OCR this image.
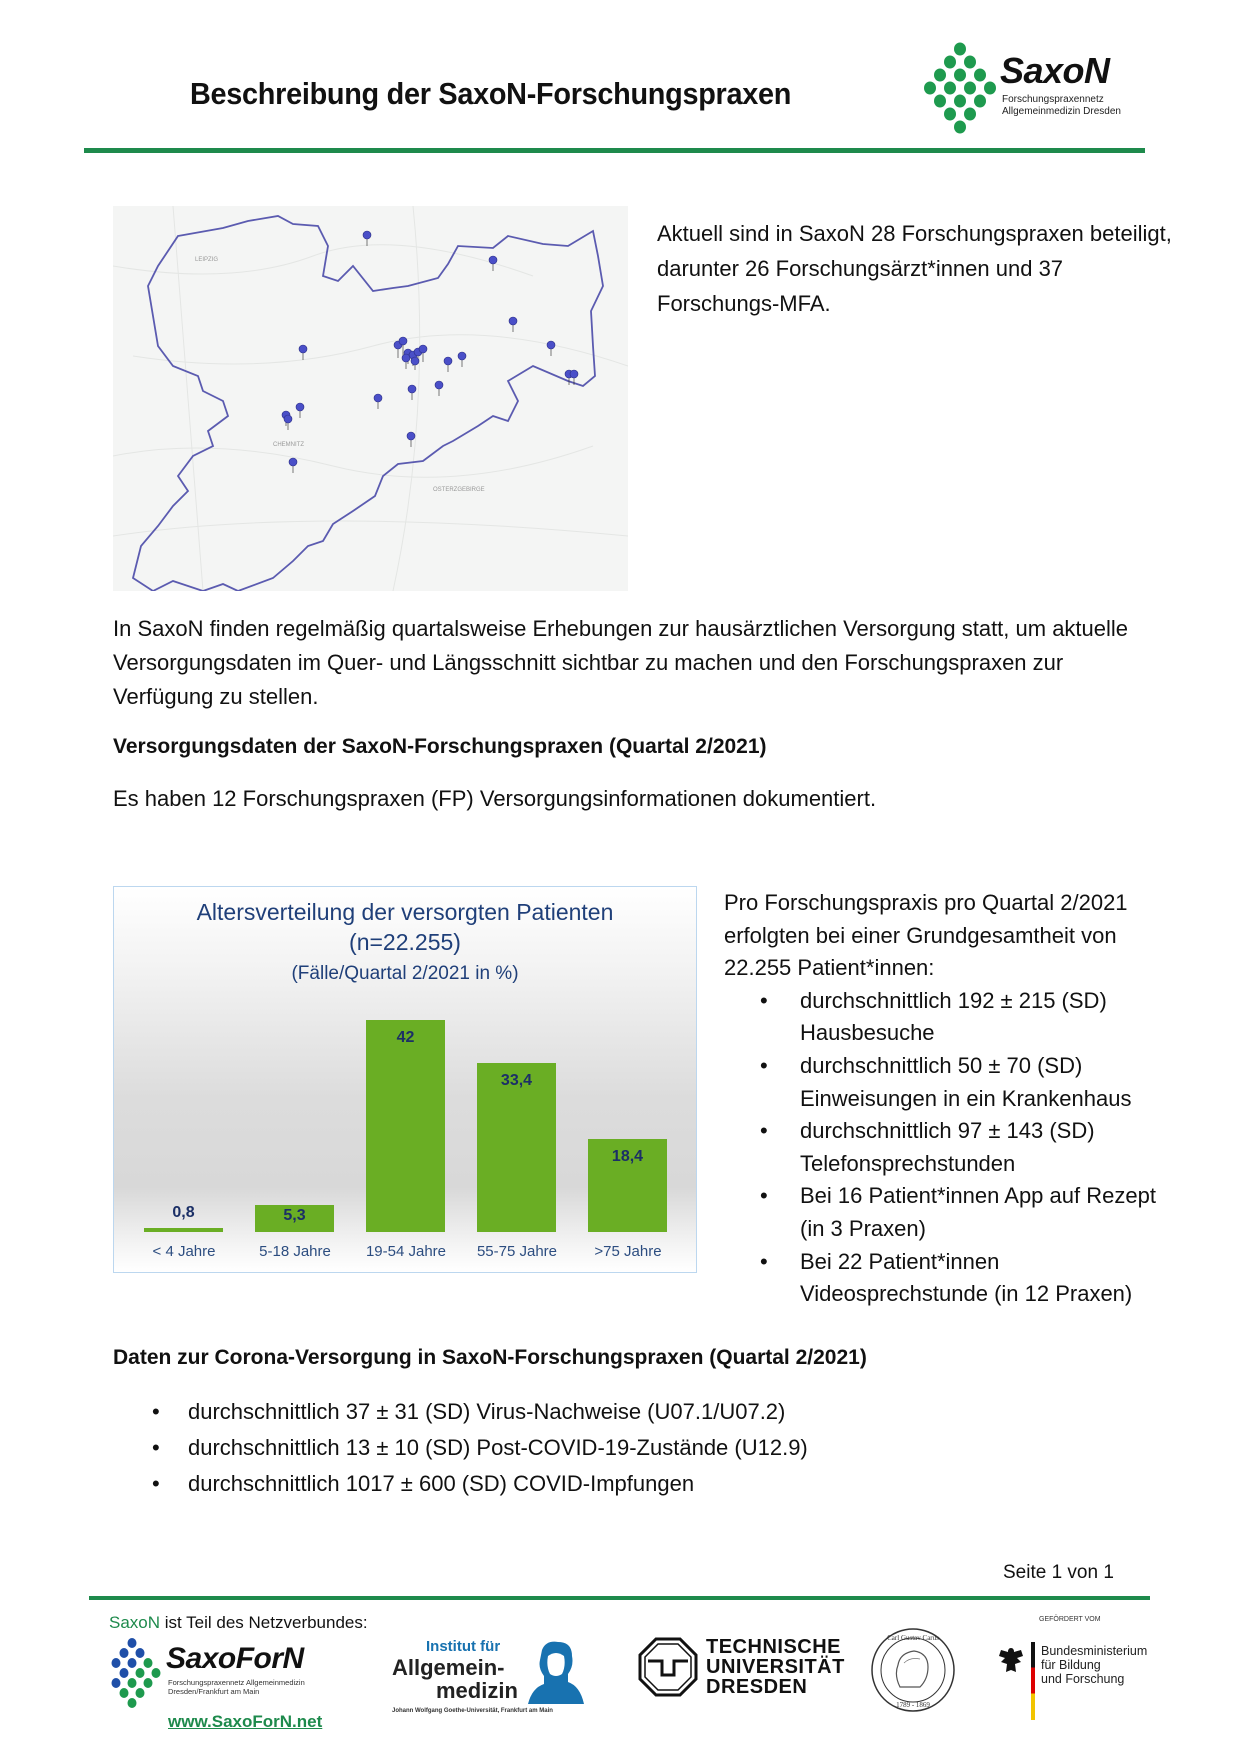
Beschreibung der SaxoN-Forschungspraxen
SaxoN
Forschungspraxennetz
Allgemeinmedizin Dresden
LEIPZIG
CHEMNITZ
OSTERZGEBIRGE
Aktuell sind in SaxoN 28 Forschungspraxen beteiligt, darunter 26 Forschungsärzt*innen und 37 Forschungs-MFA.
In SaxoN finden regelmäßig quartalsweise Erhebungen zur hausärztlichen Versorgung statt, um aktuelle Versorgungsdaten im Quer- und Längsschnitt sichtbar zu machen und den Forschungspraxen zur Verfügung zu stellen.
Versorgungsdaten der SaxoN-Forschungspraxen (Quartal 2/2021)
Es haben 12 Forschungspraxen (FP) Versorgungsinformationen dokumentiert.
Altersverteilung der versorgten Patienten
(n=22.255)
(Fälle/Quartal 2/2021 in %)
0,8	5,3
42
33,4
18,4
< 4 Jahre	5-18 Jahre	19-54 Jahre	55-75 Jahre	>75 Jahre
Pro Forschungspraxis pro Quartal 2/2021 erfolgten bei einer Grundgesamtheit von 22.255 Patient*innen:
• durchschnittlich 192 ± 215 (SD) Hausbesuche
• durchschnittlich 50 ± 70 (SD) Einweisungen in ein Krankenhaus
• durchschnittlich 97 ± 143 (SD) Telefonsprechstunden
• Bei 16 Patient*innen App auf Rezept (in 3 Praxen)
• Bei 22 Patient*innen Videosprechstunde (in 12 Praxen)
Daten zur Corona-Versorgung in SaxoN-Forschungspraxen (Quartal 2/2021)
• durchschnittlich 37 ± 31 (SD) Virus-Nachweise (U07.1/U07.2)
• durchschnittlich 13 ± 10 (SD) Post-COVID-19-Zustände (U12.9)
• durchschnittlich 1017 ± 600 (SD) COVID-Impfungen
Seite 1 von 1
SaxoN ist Teil des Netzverbundes:
SaxoForN
Forschungspraxennetz Allgemeinmedizin
Dresden/Frankfurt am Main
www.SaxoForN.net
Institut für
Allgemein-
medizin
Johann Wolfgang Goethe-Universität, Frankfurt am Main
TECHNISCHE
UNIVERSITÄT
DRESDEN
Carl Gustav Carus
1789 - 1869
GEFÖRDERT VOM
Bundesministerium
für Bildung
und Forschung
